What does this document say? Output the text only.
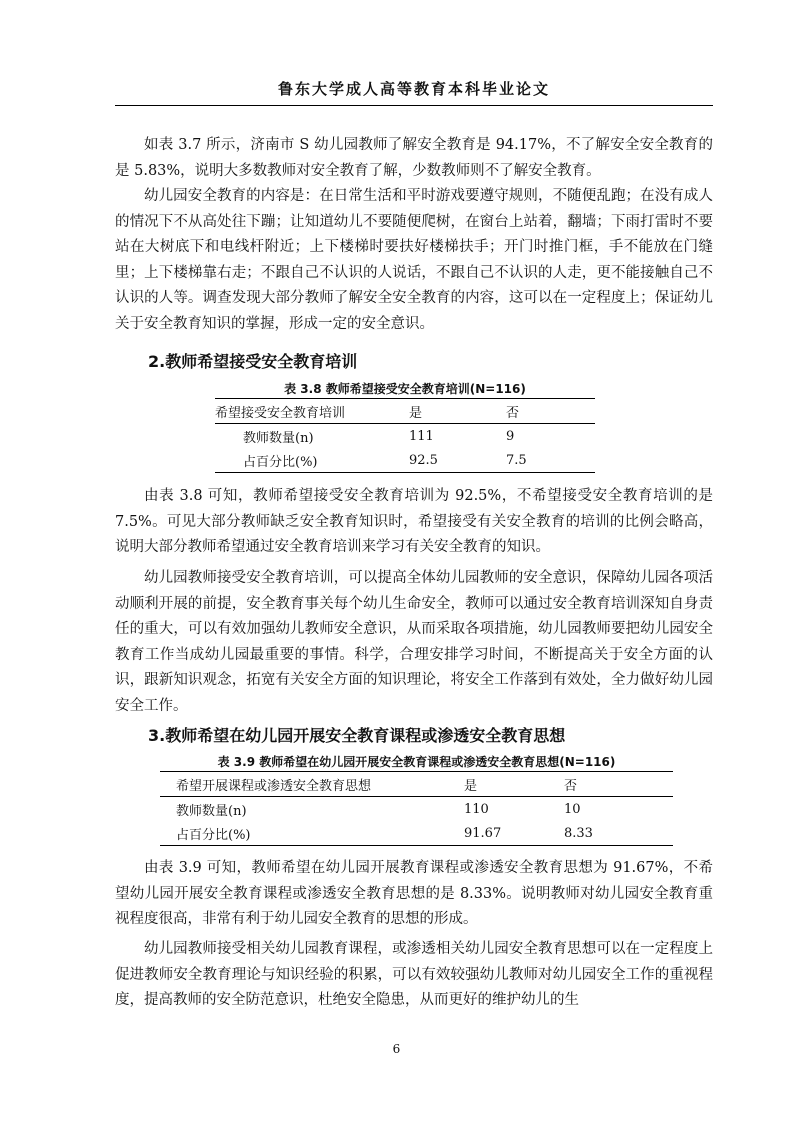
鲁东大学成人高等教育本科毕业论文

如表 3.7 所示，济南市 S 幼儿园教师了解安全教育是 94.17%，不了解安全安全教育的是 5.83%，说明大多数教师对安全教育了解，少数教师则不了解安全教育。

幼儿园安全教育的内容是：在日常生活和平时游戏要遵守规则，不随便乱跑；在没有成人的情况下不从高处往下蹦；让知道幼儿不要随便爬树，在窗台上站着，翻墙；下雨打雷时不要站在大树底下和电线杆附近；上下楼梯时要扶好楼梯扶手；开门时推门框，手不能放在门缝里；上下楼梯靠右走；不跟自己不认识的人说话，不跟自己不认识的人走，更不能接触自己不认识的人等。调查发现大部分教师了解安全安全教育的内容，这可以在一定程度上；保证幼儿关于安全教育知识的掌握，形成一定的安全意识。

2.教师希望接受安全教育培训
表 3.8 教师希望接受安全教育培训(N=116)
希望接受安全教育培训	是	否
教师数量(n)	111	9
占百分比(%)	92.5	7.5

由表 3.8 可知，教师希望接受安全教育培训为 92.5%，不希望接受安全教育培训的是 7.5%。可见大部分教师缺乏安全教育知识时，希望接受有关安全教育的培训的比例会略高，说明大部分教师希望通过安全教育培训来学习有关安全教育的知识。

幼儿园教师接受安全教育培训，可以提高全体幼儿园教师的安全意识，保障幼儿园各项活动顺利开展的前提，安全教育事关每个幼儿生命安全，教师可以通过安全教育培训深知自身责任的重大，可以有效加强幼儿教师安全意识，从而采取各项措施，幼儿园教师要把幼儿园安全教育工作当成幼儿园最重要的事情。科学，合理安排学习时间，不断提高关于安全方面的认识，跟新知识观念，拓宽有关安全方面的知识理论，将安全工作落到有效处，全力做好幼儿园安全工作。

3.教师希望在幼儿园开展安全教育课程或渗透安全教育思想
表 3.9 教师希望在幼儿园开展安全教育课程或渗透安全教育思想(N=116)
希望开展课程或渗透安全教育思想	是	否
教师数量(n)	110	10
占百分比(%)	91.67	8.33

由表 3.9 可知，教师希望在幼儿园开展教育课程或渗透安全教育思想为 91.67%，不希望幼儿园开展安全教育课程或渗透安全教育思想的是 8.33%。说明教师对幼儿园安全教育重视程度很高，非常有利于幼儿园安全教育的思想的形成。

幼儿园教师接受相关幼儿园教育课程，或渗透相关幼儿园安全教育思想可以在一定程度上促进教师安全教育理论与知识经验的积累，可以有效较强幼儿教师对幼儿园安全工作的重视程度，提高教师的安全防范意识，杜绝安全隐患，从而更好的维护幼儿的生

6
